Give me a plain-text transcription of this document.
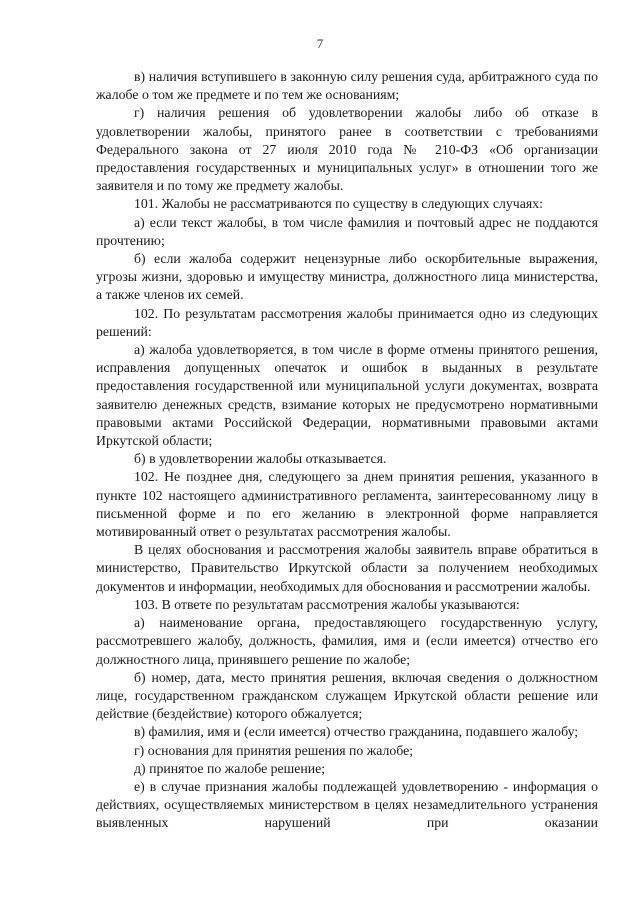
7

в) наличия вступившего в законную силу решения суда, арбитражного суда по жалобе о том же предмете и по тем же основаниям;

г) наличия решения об удовлетворении жалобы либо об отказе в удовлетворении жалобы, принятого ранее в соответствии с требованиями Федерального закона от 27 июля 2010 года № 210-ФЗ «Об организации предоставления государственных и муниципальных услуг» в отношении того же заявителя и по тому же предмету жалобы.

101. Жалобы не рассматриваются по существу в следующих случаях:

а) если текст жалобы, в том числе фамилия и почтовый адрес не поддаются прочтению;

б) если жалоба содержит нецензурные либо оскорбительные выражения, угрозы жизни, здоровью и имуществу министра, должностного лица министерства, а также членов их семей.

102. По результатам рассмотрения жалобы принимается одно из следующих решений:

а) жалоба удовлетворяется, в том числе в форме отмены принятого решения, исправления допущенных опечаток и ошибок в выданных в результате предоставления государственной или муниципальной услуги документах, возврата заявителю денежных средств, взимание которых не предусмотрено нормативными правовыми актами Российской Федерации, нормативными правовыми актами Иркутской области;

б) в удовлетворении жалобы отказывается.

102. Не позднее дня, следующего за днем принятия решения, указанного в пункте 102 настоящего административного регламента, заинтересованному лицу в письменной форме и по его желанию в электронной форме направляется мотивированный ответ о результатах рассмотрения жалобы.

В целях обоснования и рассмотрения жалобы заявитель вправе обратиться в министерство, Правительство Иркутской области за получением необходимых документов и информации, необходимых для обоснования и рассмотрении жалобы.

103. В ответе по результатам рассмотрения жалобы указываются:

а) наименование органа, предоставляющего государственную услугу, рассмотревшего жалобу, должность, фамилия, имя и (если имеется) отчество его должностного лица, принявшего решение по жалобе;

б) номер, дата, место принятия решения, включая сведения о должностном лице, государственном гражданском служащем Иркутской области решение или действие (бездействие) которого обжалуется;

в) фамилия, имя и (если имеется) отчество гражданина, подавшего жалобу;

г) основания для принятия решения по жалобе;

д) принятое по жалобе решение;

е) в случае признания жалобы подлежащей удовлетворению - информация о действиях, осуществляемых министерством в целях незамедлительного устранения выявленных нарушений при оказании
